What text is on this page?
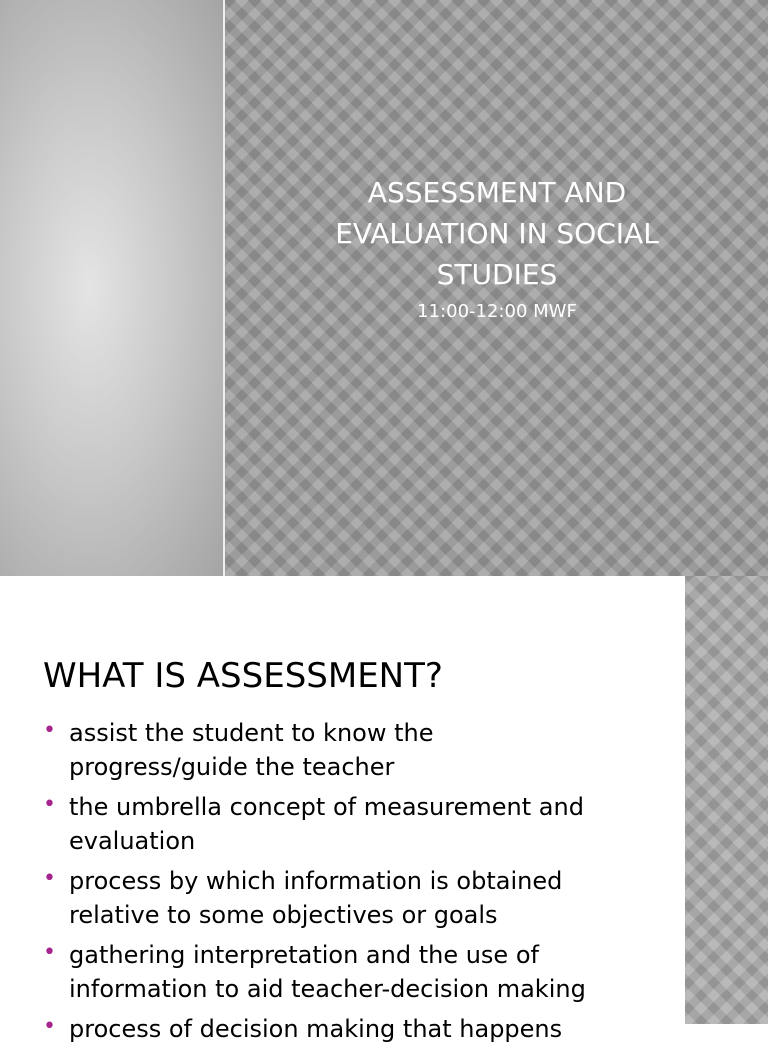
ASSESSMENT AND
EVALUATION IN SOCIAL
STUDIES
11:00-12:00 MWF
WHAT IS ASSESSMENT?
• assist the student to know the
progress/guide the teacher
• the umbrella concept of measurement and
evaluation
• process by which information is obtained
relative to some objectives or goals
• gathering interpretation and the use of
information to aid teacher-decision making
• process of decision making that happens
